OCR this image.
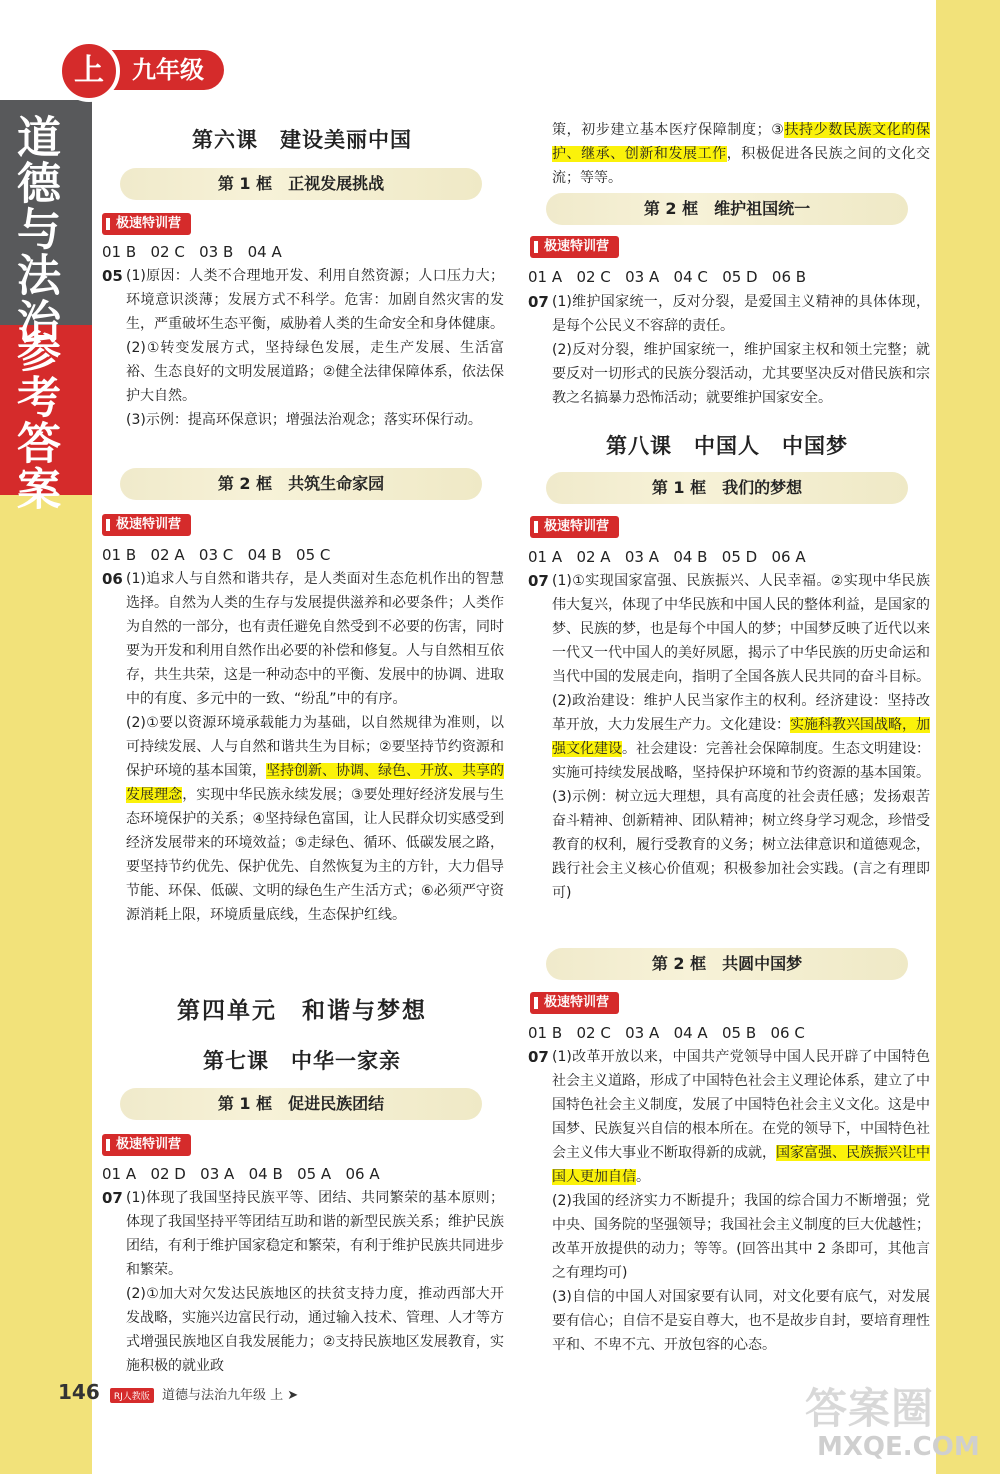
道德与法治
参考答案
九年级
上
第六课　建设美丽中国
第 1 框　正视发展挑战
极速特训营
01 B 02 C 03 B 04 A
05 (1)原因：人类不合理地开发、利用自然资源；人口压力大；环境意识淡薄；发展方式不科学。危害：加剧自然灾害的发生，严重破坏生态平衡，威胁着人类的生命安全和身体健康。
(2)①转变发展方式，坚持绿色发展，走生产发展、生活富裕、生态良好的文明发展道路；②健全法律保障体系，依法保护大自然。
(3)示例：提高环保意识；增强法治观念；落实环保行动。
第 2 框　共筑生命家园
极速特训营
01 B 02 A 03 C 04 B 05 C
06 (1)追求人与自然和谐共存，是人类面对生态危机作出的智慧选择。自然为人类的生存与发展提供滋养和必要条件；人类作为自然的一部分，也有责任避免自然受到不必要的伤害，同时要为开发和利用自然作出必要的补偿和修复。人与自然相互依存，共生共荣，这是一种动态中的平衡、发展中的协调、进取中的有度、多元中的一致、“纷乱”中的有序。
(2)①要以资源环境承载能力为基础，以自然规律为准则，以可持续发展、人与自然和谐共生为目标；②要坚持节约资源和保护环境的基本国策，坚持创新、协调、绿色、开放、共享的发展理念，实现中华民族永续发展；③要处理好经济发展与生态环境保护的关系；④坚持绿色富国，让人民群众切实感受到经济发展带来的环境效益；⑤走绿色、循环、低碳发展之路，要坚持节约优先、保护优先、自然恢复为主的方针，大力倡导节能、环保、低碳、文明的绿色生产生活方式；⑥必须严守资源消耗上限，环境质量底线，生态保护红线。
第四单元　和谐与梦想
第七课　中华一家亲
第 1 框　促进民族团结
极速特训营
01 A 02 D 03 A 04 B 05 A 06 A
07 (1)体现了我国坚持民族平等、团结、共同繁荣的基本原则；体现了我国坚持平等团结互助和谐的新型民族关系；维护民族团结，有利于维护国家稳定和繁荣，有利于维护民族共同进步和繁荣。
(2)①加大对欠发达民族地区的扶贫支持力度，推动西部大开发战略，实施兴边富民行动，通过输入技术、管理、人才等方式增强民族地区自我发展能力；②支持民族地区发展教育，实施积极的就业政
策，初步建立基本医疗保障制度；③扶持少数民族文化的保护、继承、创新和发展工作，积极促进各民族之间的文化交流；等等。
第 2 框　维护祖国统一
极速特训营
01 A 02 C 03 A 04 C 05 D 06 B
07 (1)维护国家统一，反对分裂，是爱国主义精神的具体体现，是每个公民义不容辞的责任。
(2)反对分裂，维护国家统一，维护国家主权和领土完整；就要反对一切形式的民族分裂活动，尤其要坚决反对借民族和宗教之名搞暴力恐怖活动；就要维护国家安全。
第八课　中国人　中国梦
第 1 框　我们的梦想
极速特训营
01 A 02 A 03 A 04 B 05 D 06 A
07 (1)①实现国家富强、民族振兴、人民幸福。②实现中华民族伟大复兴，体现了中华民族和中国人民的整体利益，是国家的梦、民族的梦，也是每个中国人的梦；中国梦反映了近代以来一代又一代中国人的美好夙愿，揭示了中华民族的历史命运和当代中国的发展走向，指明了全国各族人民共同的奋斗目标。
(2)政治建设：维护人民当家作主的权利。经济建设：坚持改革开放，大力发展生产力。文化建设：实施科教兴国战略，加强文化建设。社会建设：完善社会保障制度。生态文明建设：实施可持续发展战略，坚持保护环境和节约资源的基本国策。
(3)示例：树立远大理想，具有高度的社会责任感；发扬艰苦奋斗精神、创新精神、团队精神；树立终身学习观念，珍惜受教育的权利，履行受教育的义务；树立法律意识和道德观念，践行社会主义核心价值观；积极参加社会实践。(言之有理即可)
第 2 框　共圆中国梦
极速特训营
01 B 02 C 03 A 04 A 05 B 06 C
07 (1)改革开放以来，中国共产党领导中国人民开辟了中国特色社会主义道路，形成了中国特色社会主义理论体系，建立了中国特色社会主义制度，发展了中国特色社会主义文化。这是中国梦、民族复兴自信的根本所在。在党的领导下，中国特色社会主义伟大事业不断取得新的成就，国家富强、民族振兴让中国人更加自信。
(2)我国的经济实力不断提升；我国的综合国力不断增强；党中央、国务院的坚强领导；我国社会主义制度的巨大优越性；改革开放提供的动力；等等。(回答出其中 2 条即可，其他言之有理均可)
(3)自信的中国人对国家要有认同，对文化要有底气，对发展要有信心；自信不是妄自尊大，也不是故步自封，要培育理性平和、不卑不亢、开放包容的心态。
146 RJ人教版 道德与法治九年级 上 ➤	答案圈
MXQE.COM
